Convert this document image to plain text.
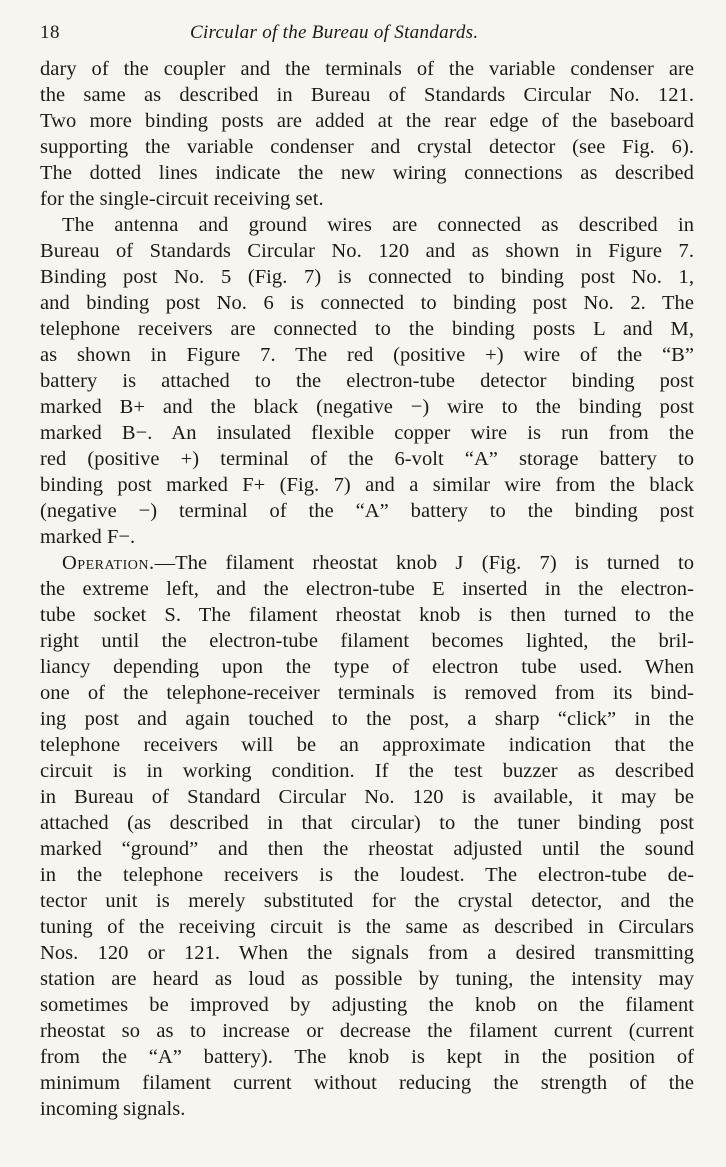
18	Circular of the Bureau of Standards.

dary of the coupler and the terminals of the variable condenser are
the same as described in Bureau of Standards Circular No. 121.
Two more binding posts are added at the rear edge of the baseboard
supporting the variable condenser and crystal detector (see Fig. 6).
The dotted lines indicate the new wiring connections as described
for the single-circuit receiving set.

The antenna and ground wires are connected as described in
Bureau of Standards Circular No. 120 and as shown in Figure 7.
Binding post No. 5 (Fig. 7) is connected to binding post No. 1,
and binding post No. 6 is connected to binding post No. 2. The
telephone receivers are connected to the binding posts L and M,
as shown in Figure 7. The red (positive +) wire of the “B”
battery is attached to the electron-tube detector binding post
marked B+ and the black (negative −) wire to the binding post
marked B−. An insulated flexible copper wire is run from the
red (positive +) terminal of the 6-volt “A” storage battery to
binding post marked F+ (Fig. 7) and a similar wire from the black
(negative −) terminal of the “A” battery to the binding post
marked F−.

Operation.—The filament rheostat knob J (Fig. 7) is turned to
the extreme left, and the electron-tube E inserted in the electron-
tube socket S. The filament rheostat knob is then turned to the
right until the electron-tube filament becomes lighted, the bril-
liancy depending upon the type of electron tube used. When
one of the telephone-receiver terminals is removed from its bind-
ing post and again touched to the post, a sharp “click” in the
telephone receivers will be an approximate indication that the
circuit is in working condition. If the test buzzer as described
in Bureau of Standard Circular No. 120 is available, it may be
attached (as described in that circular) to the tuner binding post
marked “ground” and then the rheostat adjusted until the sound
in the telephone receivers is the loudest. The electron-tube de-
tector unit is merely substituted for the crystal detector, and the
tuning of the receiving circuit is the same as described in Circulars
Nos. 120 or 121. When the signals from a desired transmitting
station are heard as loud as possible by tuning, the intensity may
sometimes be improved by adjusting the knob on the filament
rheostat so as to increase or decrease the filament current (current
from the “A” battery). The knob is kept in the position of
minimum filament current without reducing the strength of the
incoming signals.
